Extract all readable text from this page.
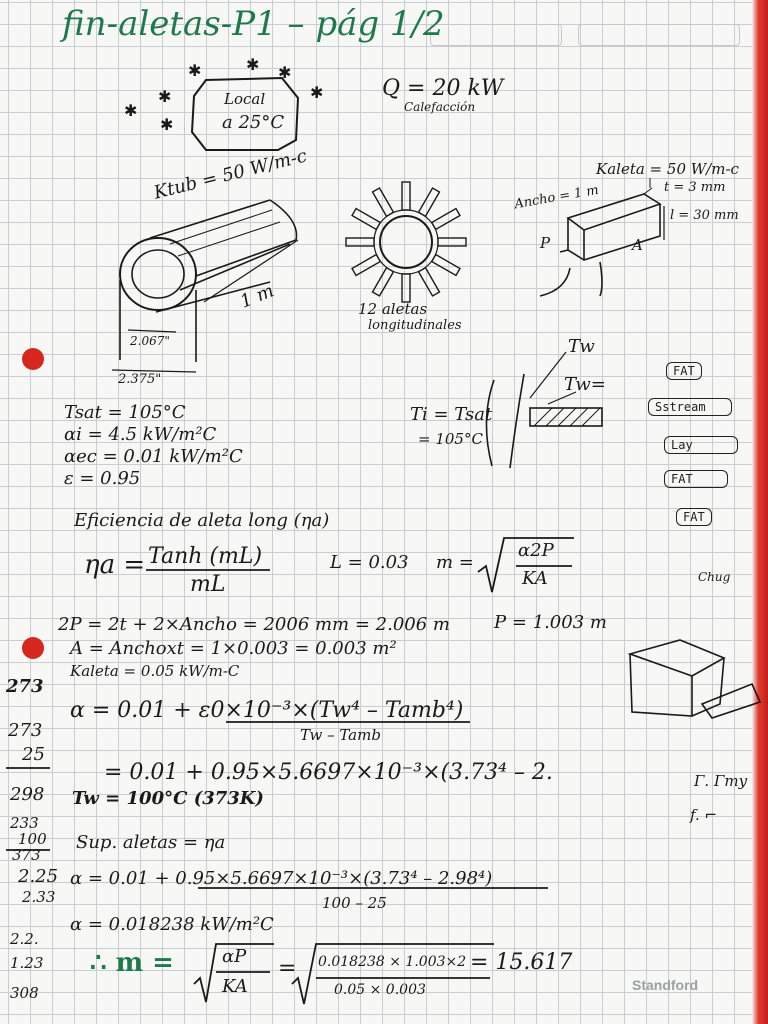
fin-aletas-P1 – pág 1/2
✱	✱ ✱
✱
✱
✱
✱
Local
a 25°C
Q = 20 kW
Calefacción
Ktub = 50 W/m-c
1 m
2.067"
2.375"
12 aletas
longitudinales
Kaleta = 50 W/m-c
Ancho = 1 m	t = 3 mm
l = 30 mm
P	A
Tw
Tw=
Ti = Tsat
= 105°C
FAT
Sstream
Lay
FAT
FAT
Chug
Γ. Γmy
f. ⌐
273
273
25
298
233
100
373
2.25
2.33
2.2.
1.23
308
Tsat = 105°C
αi = 4.5 kW/m²C
αec = 0.01 kW/m²C
ε = 0.95
Eficiencia de aleta long (ηa)
ηa = Tanh (mL)
mL
L = 0.03 m =
α2P
KA
2P = 2t + 2×Ancho = 2006 mm = 2.006 m P = 1.003 m
A = Anchoxt = 1×0.003 = 0.003 m²
Kaleta = 0.05 kW/m-C
α = 0.01 + ε0×10⁻³×(Tw⁴ – Tamb⁴)
Tw – Tamb
= 0.01 + 0.95×5.6697×10⁻³×(3.73⁴ – 2.
Tw = 100°C (373K)
Sup. aletas = ηa
α = 0.01 + 0.95×5.6697×10⁻³×(3.73⁴ – 2.98⁴)
100 – 25
α = 0.018238 kW/m²C
∴ m =	αP
KA
= 0.018238 × 1.003×2
0.05 × 0.003
= 15.617
Standford
